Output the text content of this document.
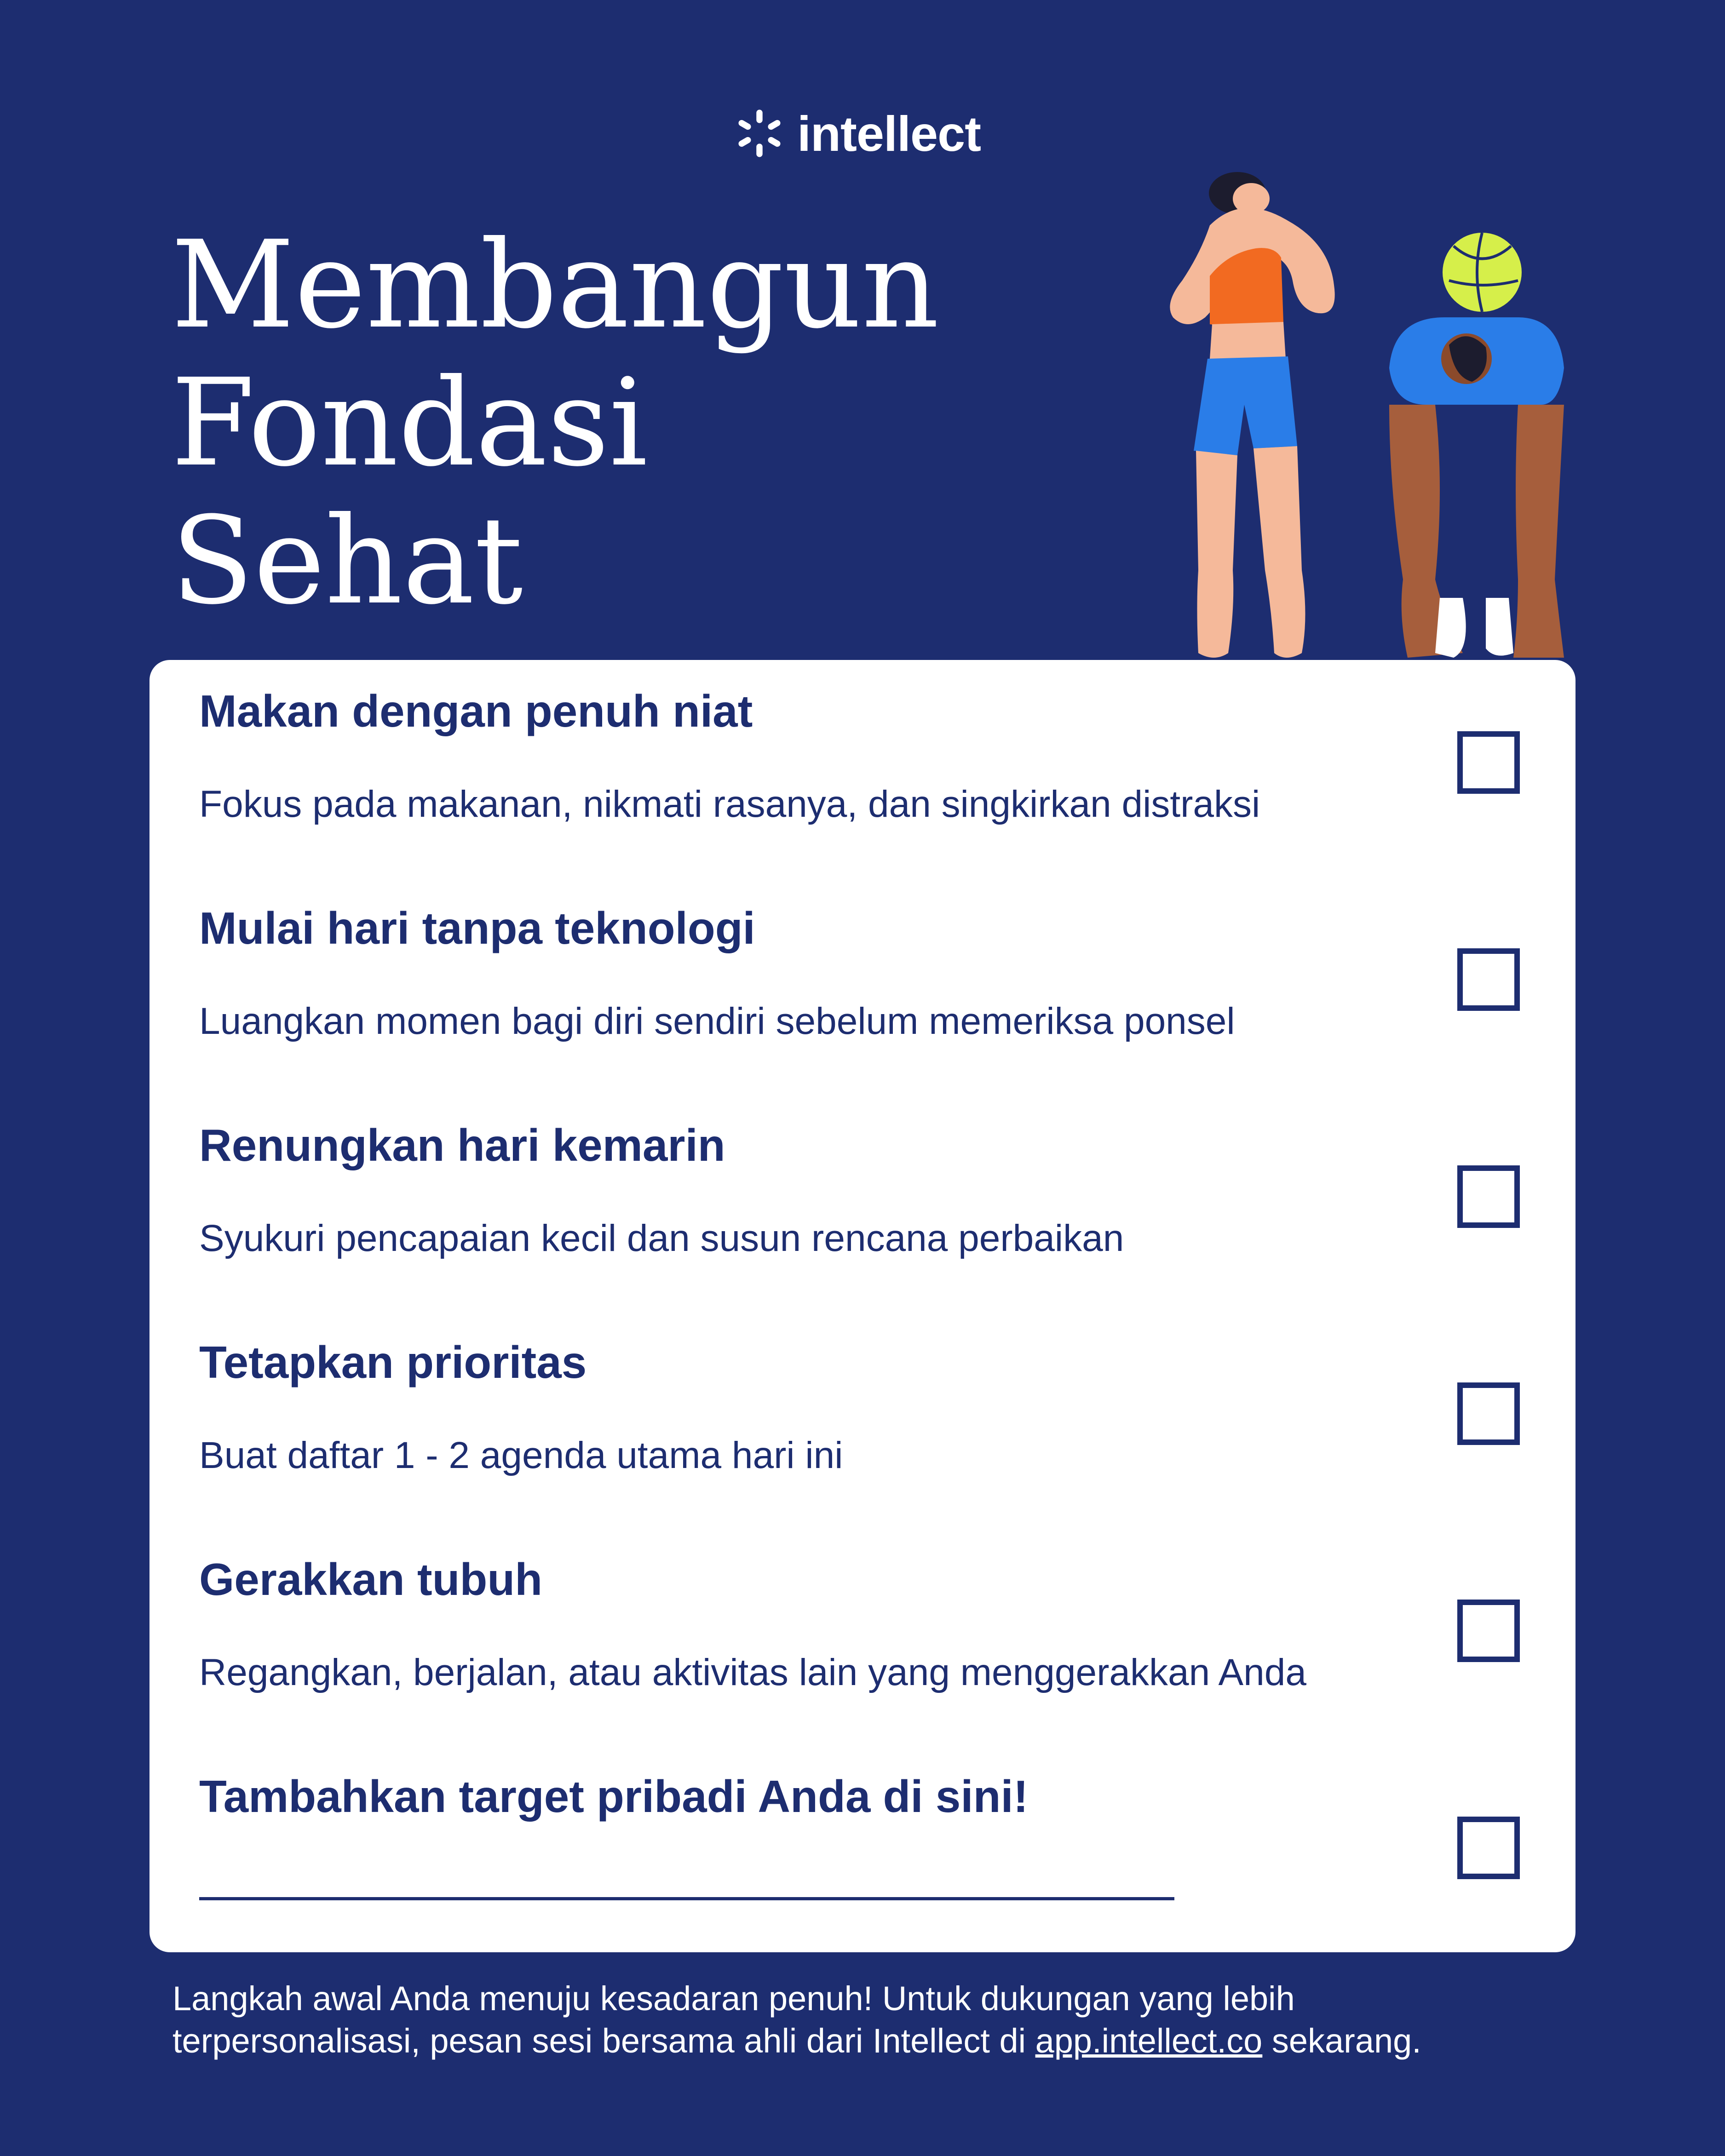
intellect
Membangun
Fondasi
Sehat
Makan dengan penuh niat
Fokus pada makanan, nikmati rasanya, dan singkirkan distraksi
Mulai hari tanpa teknologi
Luangkan momen bagi diri sendiri sebelum memeriksa ponsel
Renungkan hari kemarin
Syukuri pencapaian kecil dan susun rencana perbaikan
Tetapkan prioritas
Buat daftar 1 - 2 agenda utama hari ini
Gerakkan tubuh
Regangkan, berjalan, atau aktivitas lain yang menggerakkan Anda
Tambahkan target pribadi Anda di sini!

Langkah awal Anda menuju kesadaran penuh! Untuk dukungan yang lebih

terpersonalisasi, pesan sesi bersama ahli dari Intellect di app.intellect.co sekarang.
